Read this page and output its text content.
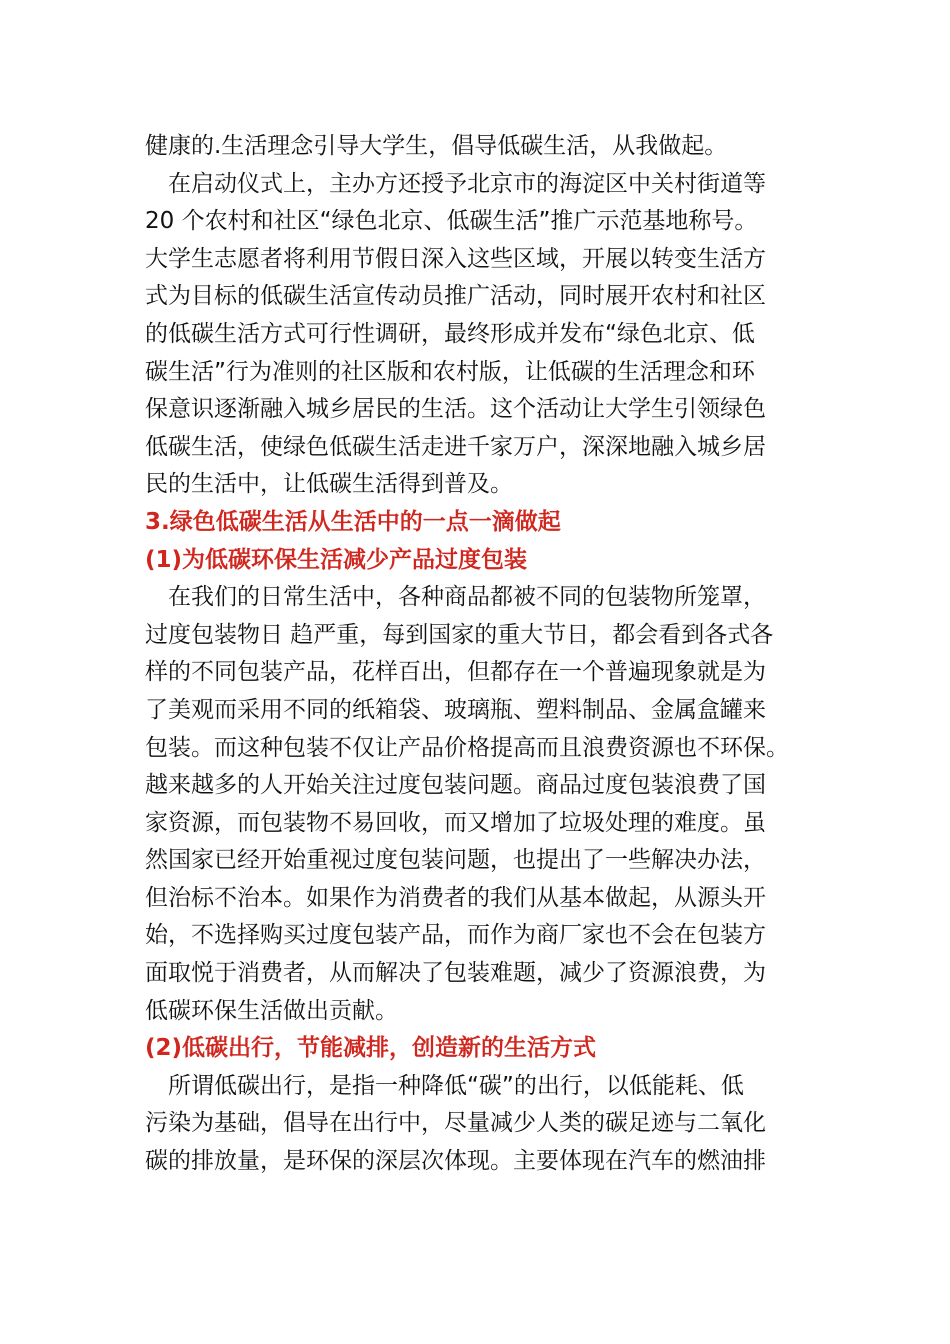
健康的.生活理念引导大学生，倡导低碳生活，从我做起。
　在启动仪式上，主办方还授予北京市的海淀区中关村街道等
20 个农村和社区“绿色北京、低碳生活”推广示范基地称号。
大学生志愿者将利用节假日深入这些区域，开展以转变生活方
式为目标的低碳生活宣传动员推广活动，同时展开农村和社区
的低碳生活方式可行性调研，最终形成并发布“绿色北京、低
碳生活”行为准则的社区版和农村版，让低碳的生活理念和环
保意识逐渐融入城乡居民的生活。这个活动让大学生引领绿色
低碳生活，使绿色低碳生活走进千家万户，深深地融入城乡居
民的生活中，让低碳生活得到普及。
3.绿色低碳生活从生活中的一点一滴做起
(1)为低碳环保生活减少产品过度包装
　在我们的日常生活中，各种商品都被不同的包装物所笼罩，
过度包装物日 趋严重，每到国家的重大节日，都会看到各式各
样的不同包装产品，花样百出，但都存在一个普遍现象就是为
了美观而采用不同的纸箱袋、玻璃瓶、塑料制品、金属盒罐来
包装。而这种包装不仅让产品价格提高而且浪费资源也不环保。
越来越多的人开始关注过度包装问题。商品过度包装浪费了国
家资源，而包装物不易回收，而又增加了垃圾处理的难度。虽
然国家已经开始重视过度包装问题，也提出了一些解决办法，
但治标不治本。如果作为消费者的我们从基本做起，从源头开
始，不选择购买过度包装产品，而作为商厂家也不会在包装方
面取悦于消费者，从而解决了包装难题，减少了资源浪费，为
低碳环保生活做出贡献。
(2)低碳出行，节能减排，创造新的生活方式
　所谓低碳出行，是指一种降低“碳”的出行，以低能耗、低
污染为基础，倡导在出行中，尽量减少人类的碳足迹与二氧化
碳的排放量，是环保的深层次体现。主要体现在汽车的燃油排
